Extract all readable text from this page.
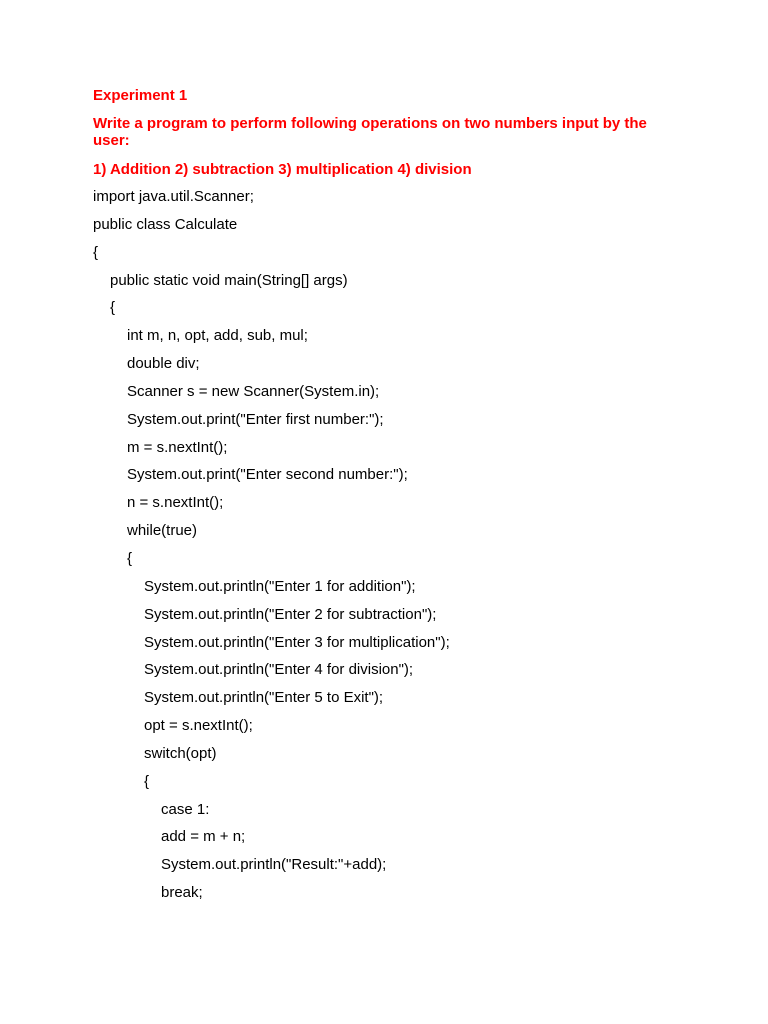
Experiment 1

Write a program to perform following operations on two numbers input by the user:

1) Addition 2) subtraction 3) multiplication 4) division

import java.util.Scanner;
public class Calculate
{
public static void main(String[] args)
{
int m, n, opt, add, sub, mul;
double div;
Scanner s = new Scanner(System.in);
System.out.print("Enter first number:");
m = s.nextInt();
System.out.print("Enter second number:");
n = s.nextInt();
while(true)
{
System.out.println("Enter 1 for addition");
System.out.println("Enter 2 for subtraction");
System.out.println("Enter 3 for multiplication");
System.out.println("Enter 4 for division");
System.out.println("Enter 5 to Exit");
opt = s.nextInt();
switch(opt)
{
case 1:
add = m + n;
System.out.println("Result:"+add);
break;
